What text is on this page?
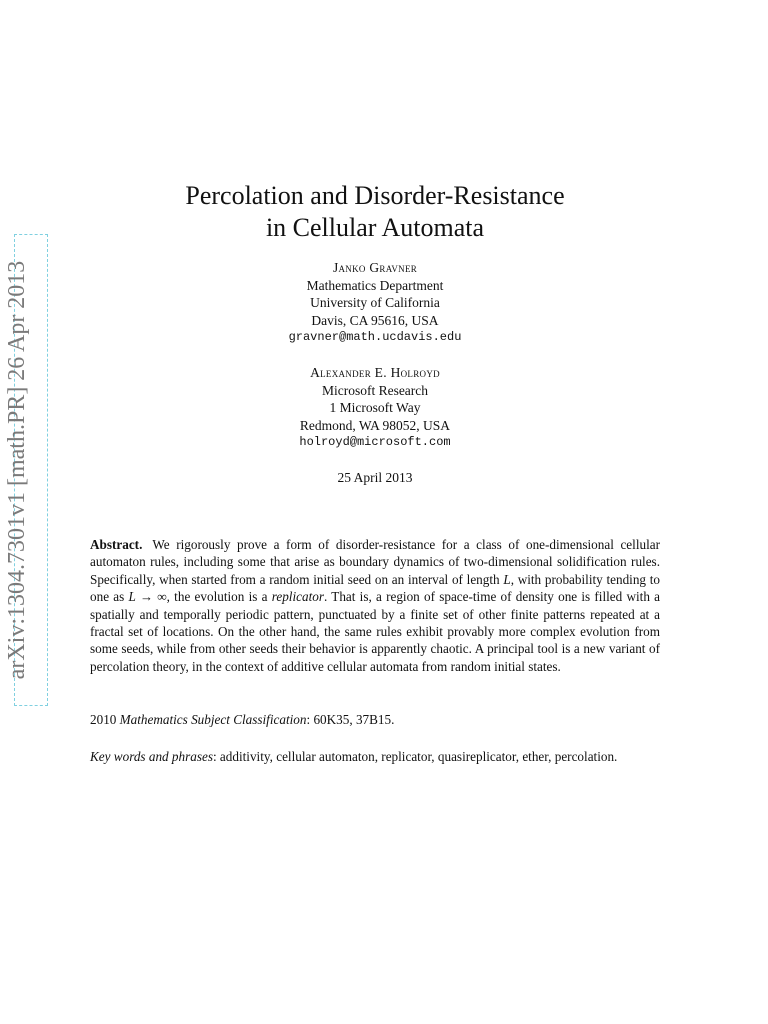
arXiv:1304.7301v1 [math.PR] 26 Apr 2013
Percolation and Disorder-Resistance
in Cellular Automata
Janko Gravner
Mathematics Department
University of California
Davis, CA 95616, USA
gravner@math.ucdavis.edu
Alexander E. Holroyd
Microsoft Research
1 Microsoft Way
Redmond, WA 98052, USA
holroyd@microsoft.com
25 April 2013

Abstract. We rigorously prove a form of disorder-resistance for a class of one-dimensional cellular automaton rules, including some that arise as boundary dynamics of two-dimensional solidification rules. Specifically, when started from a random initial seed on an interval of length L, with probability tending to one as L → ∞, the evolution is a replicator. That is, a region of space-time of density one is filled with a spatially and temporally periodic pattern, punctuated by a finite set of other finite patterns repeated at a fractal set of locations. On the other hand, the same rules exhibit provably more complex evolution from some seeds, while from other seeds their behavior is apparently chaotic. A principal tool is a new variant of percolation theory, in the context of additive cellular automata from random initial states.

2010 Mathematics Subject Classification: 60K35, 37B15.

Key words and phrases: additivity, cellular automaton, replicator, quasireplicator, ether, percolation.
